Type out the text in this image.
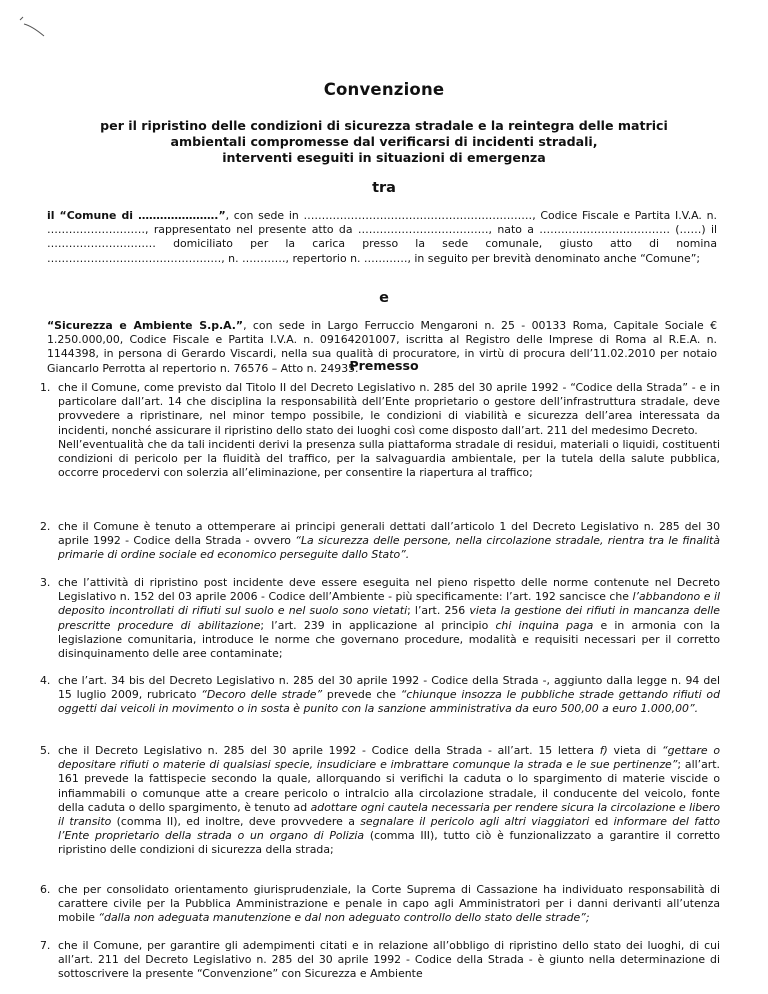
Convenzione
per il ripristino delle condizioni di sicurezza stradale e la reintegra delle matrici
ambientali compromesse dal verificarsi di incidenti stradali,
interventi eseguiti in situazioni di emergenza
tra
il “Comune di ………………….”, con sede in ………………………………………………………, Codice Fiscale e Partita I.V.A. n. ………………………, rappresentato nel presente atto da ………………………………, nato a ……………………………… (……) il ………………………… domiciliato per la carica presso la sede comunale, giusto atto di nomina …………………………………………, n. …………, repertorio n. …………, in seguito per brevità denominato anche “Comune”;
e
“Sicurezza e Ambiente S.p.A.”, con sede in Largo Ferruccio Mengaroni n. 25 - 00133 Roma, Capitale Sociale € 1.250.000,00, Codice Fiscale e Partita I.V.A. n. 09164201007, iscritta al Registro delle Imprese di Roma al R.E.A. n. 1144398, in persona di Gerardo Viscardi, nella sua qualità di procuratore, in virtù di procura dell’11.02.2010 per notaio Giancarlo Perrotta al repertorio n. 76576 – Atto n. 24935.
Premesso
1. che il Comune, come previsto dal Titolo II del Decreto Legislativo n. 285 del 30 aprile 1992 - “Codice della Strada” - e in particolare dall’art. 14 che disciplina la responsabilità dell’Ente proprietario o gestore dell’infrastruttura stradale, deve provvedere a ripristinare, nel minor tempo possibile, le condizioni di viabilità e sicurezza dell’area interessata da incidenti, nonché assicurare il ripristino dello stato dei luoghi così come disposto dall’art. 211 del medesimo Decreto.

Nell’eventualità che da tali incidenti derivi la presenza sulla piattaforma stradale di residui, materiali o liquidi, costituenti condizioni di pericolo per la fluidità del traffico, per la salvaguardia ambientale, per la tutela della salute pubblica, occorre procedervi con solerzia all’eliminazione, per consentire la riapertura al traffico;

2. che il Comune è tenuto a ottemperare ai principi generali dettati dall’articolo 1 del Decreto Legislativo n. 285 del 30 aprile 1992 - Codice della Strada - ovvero “La sicurezza delle persone, nella circolazione stradale, rientra tra le finalità primarie di ordine sociale ed economico perseguite dallo Stato”.
3. che l’attività di ripristino post incidente deve essere eseguita nel pieno rispetto delle norme contenute nel Decreto Legislativo n. 152 del 03 aprile 2006 - Codice dell’Ambiente - più specificamente: l’art. 192 sancisce che l’abbandono e il deposito incontrollati di rifiuti sul suolo e nel suolo sono vietati; l’art. 256 vieta la gestione dei rifiuti in mancanza delle prescritte procedure di abilitazione; l’art. 239 in applicazione al principio chi inquina paga e in armonia con la legislazione comunitaria, introduce le norme che governano procedure, modalità e requisiti necessari per il corretto disinquinamento delle aree contaminate;
4. che l’art. 34 bis del Decreto Legislativo n. 285 del 30 aprile 1992 - Codice della Strada -, aggiunto dalla legge n. 94 del 15 luglio 2009, rubricato “Decoro delle strade” prevede che “chiunque insozza le pubbliche strade gettando rifiuti od oggetti dai veicoli in movimento o in sosta è punito con la sanzione amministrativa da euro 500,00 a euro 1.000,00”.
5. che il Decreto Legislativo n. 285 del 30 aprile 1992 - Codice della Strada - all’art. 15 lettera f) vieta di “gettare o depositare rifiuti o materie di qualsiasi specie, insudiciare e imbrattare comunque la strada e le sue pertinenze”; all’art. 161 prevede la fattispecie secondo la quale, allorquando si verifichi la caduta o lo spargimento di materie viscide o infiammabili o comunque atte a creare pericolo o intralcio alla circolazione stradale, il conducente del veicolo, fonte della caduta o dello spargimento, è tenuto ad adottare ogni cautela necessaria per rendere sicura la circolazione e libero il transito (comma II), ed inoltre, deve provvedere a segnalare il pericolo agli altri viaggiatori ed informare del fatto l’Ente proprietario della strada o un organo di Polizia (comma III), tutto ciò è funzionalizzato a garantire il corretto ripristino delle condizioni di sicurezza della strada;
6. che per consolidato orientamento giurisprudenziale, la Corte Suprema di Cassazione ha individuato responsabilità di carattere civile per la Pubblica Amministrazione e penale in capo agli Amministratori per i danni derivanti all’utenza mobile “dalla non adeguata manutenzione e dal non adeguato controllo dello stato delle strade”;
7. che il Comune, per garantire gli adempimenti citati e in relazione all’obbligo di ripristino dello stato dei luoghi, di cui all’art. 211 del Decreto Legislativo n. 285 del 30 aprile 1992 - Codice della Strada - è giunto nella determinazione di sottoscrivere la presente “Convenzione” con Sicurezza e Ambiente
